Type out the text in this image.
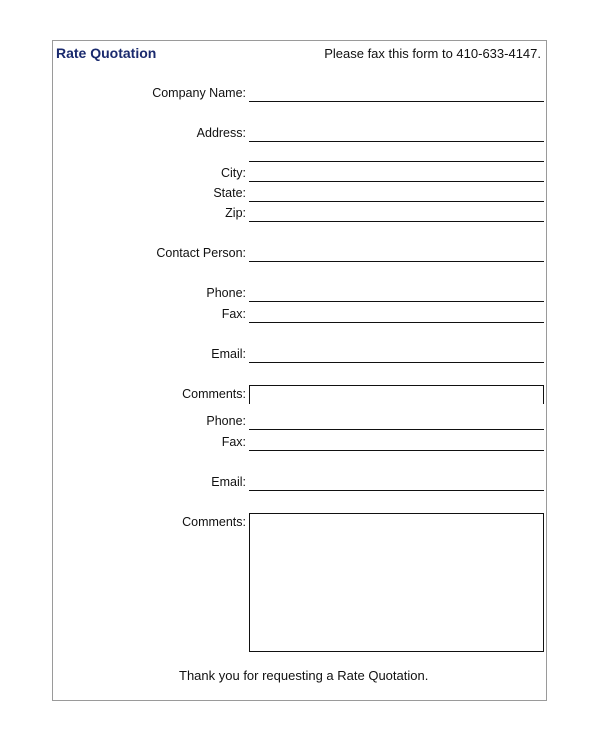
Rate Quotation	Please fax this form to 410-633-4147.
Company Name:
Address:
City:
State:
Zip:
Contact Person:
Phone:
Fax:
Email:
Comments:
Phone:
Fax:
Email:
Comments:
Thank you for requesting a Rate Quotation.
